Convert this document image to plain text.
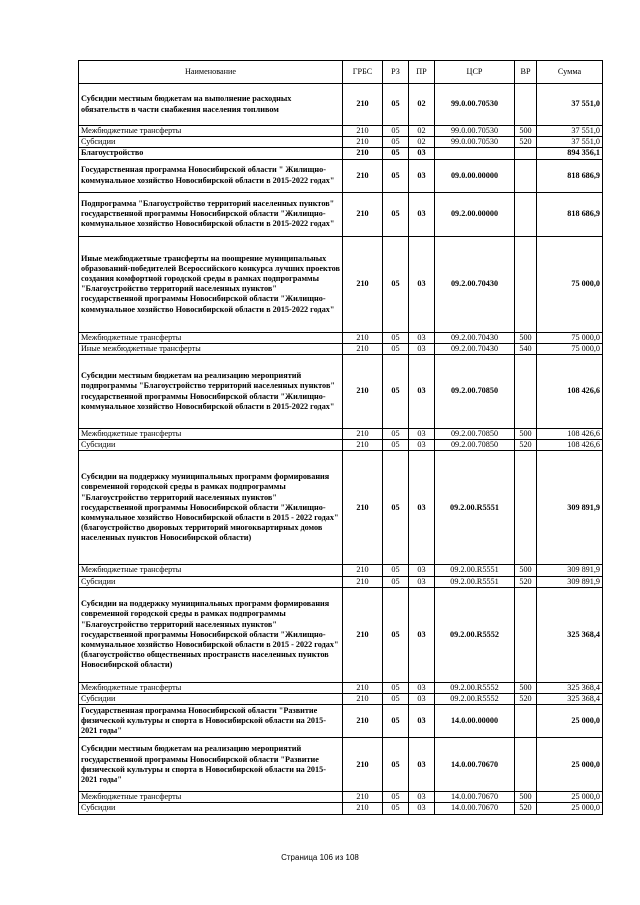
Наименование	ГРБС	РЗ	ПР	ЦСР	ВР	Сумма
Субсидии местным бюджетам на выполнение расходных обязательств в части снабжения населения топливом	210	05	02	99.0.00.70530		37 551,0
Межбюджетные трансферты	210	05	02	99.0.00.70530	500	37 551,0
Субсидии	210	05	02	99.0.00.70530	520	37 551,0
Благоустройство	210	05	03			894 356,1
Государственная программа Новосибирской области " Жилищно-коммунальное хозяйство Новосибирской области в 2015-2022 годах"	210	05	03	09.0.00.00000		818 686,9
Подпрограмма "Благоустройство территорий населенных пунктов" государственной программы Новосибирской области "Жилищно-коммунальное хозяйство Новосибирской области в 2015-2022 годах"	210	05	03	09.2.00.00000		818 686,9
Иные межбюджетные трансферты на поощрение муниципальных образований-победителей Всероссийского конкурса лучших проектов создания комфортной городской среды в рамках подпрограммы "Благоустройство территорий населенных пунктов" государственной программы Новосибирской области "Жилищно-коммунальное хозяйство Новосибирской области в 2015-2022 годах"	210	05	03	09.2.00.70430		75 000,0
Межбюджетные трансферты	210	05	03	09.2.00.70430	500	75 000,0
Иные межбюджетные трансферты	210	05	03	09.2.00.70430	540	75 000,0
Субсидии местным бюджетам на реализацию мероприятий подпрограммы "Благоустройство территорий населенных пунктов" государственной программы Новосибирской области "Жилищно-коммунальное хозяйство Новосибирской области в 2015-2022 годах"	210	05	03	09.2.00.70850		108 426,6
Межбюджетные трансферты	210	05	03	09.2.00.70850	500	108 426,6
Субсидии	210	05	03	09.2.00.70850	520	108 426,6
Субсидии на поддержку муниципальных программ формирования современной городской среды в рамках подпрограммы "Благоустройство территорий населенных пунктов" государственной программы Новосибирской области "Жилищно-коммунальное хозяйство Новосибирской области в 2015 - 2022 годах" (благоустройство дворовых территорий многоквартирных домов населенных пунктов Новосибирской области)	210	05	03	09.2.00.R5551		309 891,9
Межбюджетные трансферты	210	05	03	09.2.00.R5551	500	309 891,9
Субсидии	210	05	03	09.2.00.R5551	520	309 891,9
Субсидии на поддержку муниципальных программ формирования современной городской среды в рамках подпрограммы "Благоустройство территорий населенных пунктов" государственной программы Новосибирской области "Жилищно-коммунальное хозяйство Новосибирской области в 2015 - 2022 годах" (благоустройство общественных пространств населенных пунктов Новосибирской области)	210	05	03	09.2.00.R5552		325 368,4
Межбюджетные трансферты	210	05	03	09.2.00.R5552	500	325 368,4
Субсидии	210	05	03	09.2.00.R5552	520	325 368,4
Государственная программа Новосибирской области "Развитие физической культуры и спорта в Новосибирской области на 2015-2021 годы"	210	05	03	14.0.00.00000		25 000,0
Субсидии местным бюджетам на реализацию мероприятий государственной программы Новосибирской области "Развитие физической культуры и спорта в Новосибирской области на 2015-2021 годы"	210	05	03	14.0.00.70670		25 000,0
Межбюджетные трансферты	210	05	03	14.0.00.70670	500	25 000,0
Субсидии	210	05	03	14.0.00.70670	520	25 000,0
Страница 106 из 108
